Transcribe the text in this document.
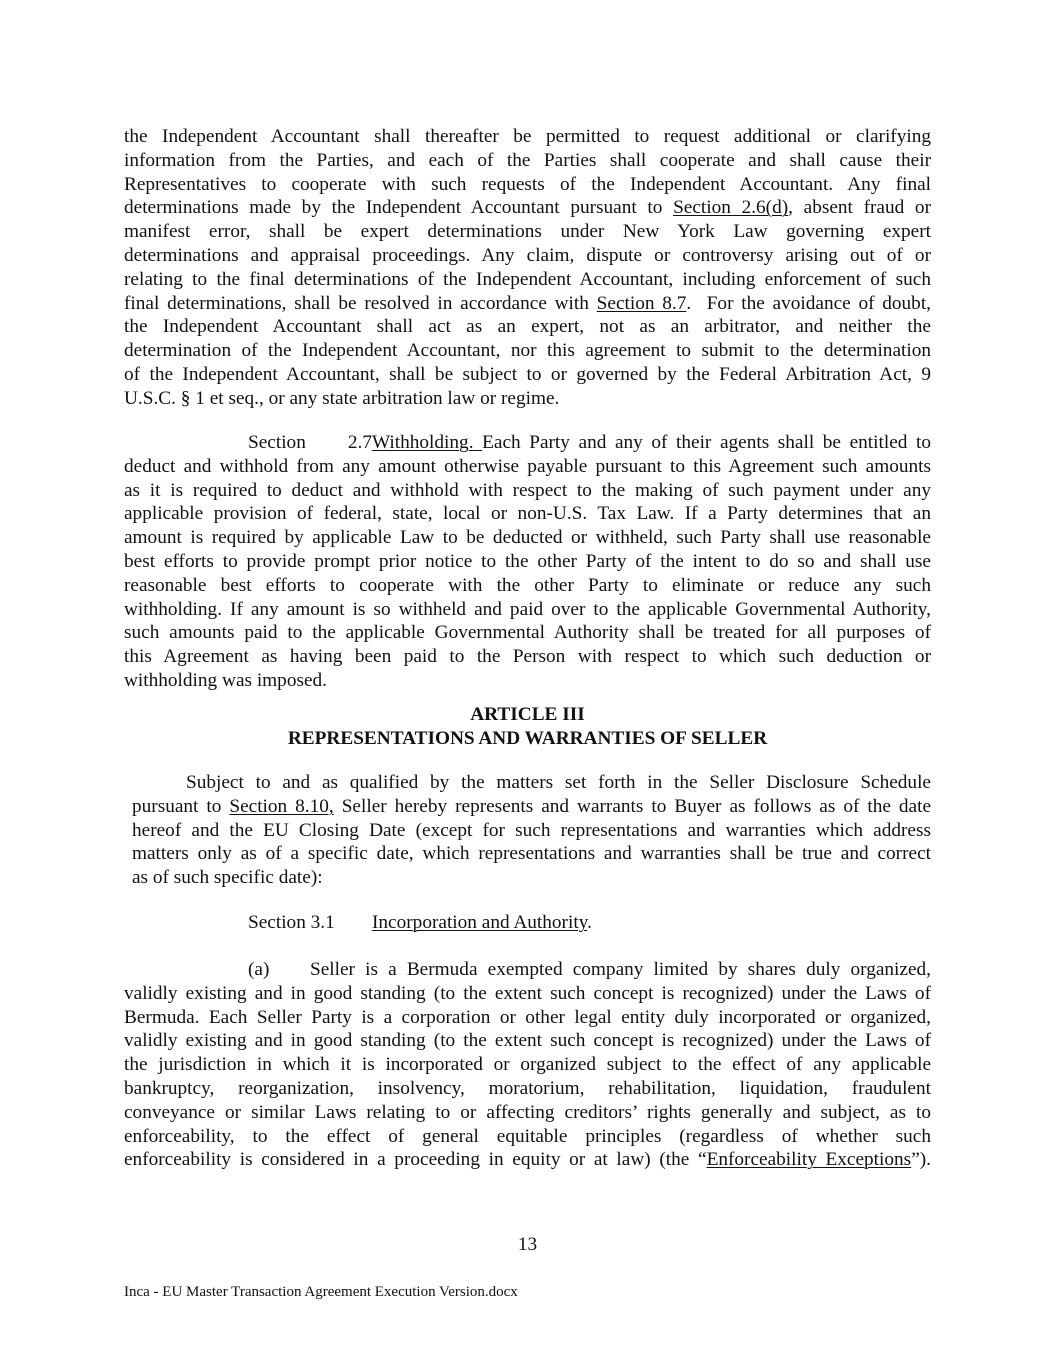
the Independent Accountant shall thereafter be permitted to request additional or clarifying
information from the Parties, and each of the Parties shall cooperate and shall cause their
Representatives to cooperate with such requests of the Independent Accountant. Any final
determinations made by the Independent Accountant pursuant to Section 2.6(d), absent fraud or
manifest error, shall be expert determinations under New York Law governing expert
determinations and appraisal proceedings. Any claim, dispute or controversy arising out of or
relating to the final determinations of the Independent Accountant, including enforcement of such
final determinations, shall be resolved in accordance with Section 8.7.  For the avoidance of doubt,
the Independent Accountant shall act as an expert, not as an arbitrator, and neither the
determination of the Independent Accountant, nor this agreement to submit to the determination
of the Independent Accountant, shall be subject to or governed by the Federal Arbitration Act, 9
U.S.C. § 1 et seq., or any state arbitration law or regime.
Section 2.7Withholding. Each Party and any of their agents shall be entitled to
deduct and withhold from any amount otherwise payable pursuant to this Agreement such amounts
as it is required to deduct and withhold with respect to the making of such payment under any
applicable provision of federal, state, local or non-U.S. Tax Law. If a Party determines that an
amount is required by applicable Law to be deducted or withheld, such Party shall use reasonable
best efforts to provide prompt prior notice to the other Party of the intent to do so and shall use
reasonable best efforts to cooperate with the other Party to eliminate or reduce any such
withholding. If any amount is so withheld and paid over to the applicable Governmental Authority,
such amounts paid to the applicable Governmental Authority shall be treated for all purposes of
this Agreement as having been paid to the Person with respect to which such deduction or
withholding was imposed.
ARTICLE III
REPRESENTATIONS AND WARRANTIES OF SELLER
Subject to and as qualified by the matters set forth in the Seller Disclosure Schedule
pursuant to Section 8.10, Seller hereby represents and warrants to Buyer as follows as of the date
hereof and the EU Closing Date (except for such representations and warranties which address
matters only as of a specific date, which representations and warranties shall be true and correct
as of such specific date):
Section 3.1 Incorporation and Authority.
(a) Seller is a Bermuda exempted company limited by shares duly organized,
validly existing and in good standing (to the extent such concept is recognized) under the Laws of
Bermuda. Each Seller Party is a corporation or other legal entity duly incorporated or organized,
validly existing and in good standing (to the extent such concept is recognized) under the Laws of
the jurisdiction in which it is incorporated or organized subject to the effect of any applicable
bankruptcy, reorganization, insolvency, moratorium, rehabilitation, liquidation, fraudulent
conveyance or similar Laws relating to or affecting creditors’ rights generally and subject, as to
enforceability, to the effect of general equitable principles (regardless of whether such
enforceability is considered in a proceeding in equity or at law) (the “Enforceability Exceptions”).
13
Inca - EU Master Transaction Agreement Execution Version.docx
